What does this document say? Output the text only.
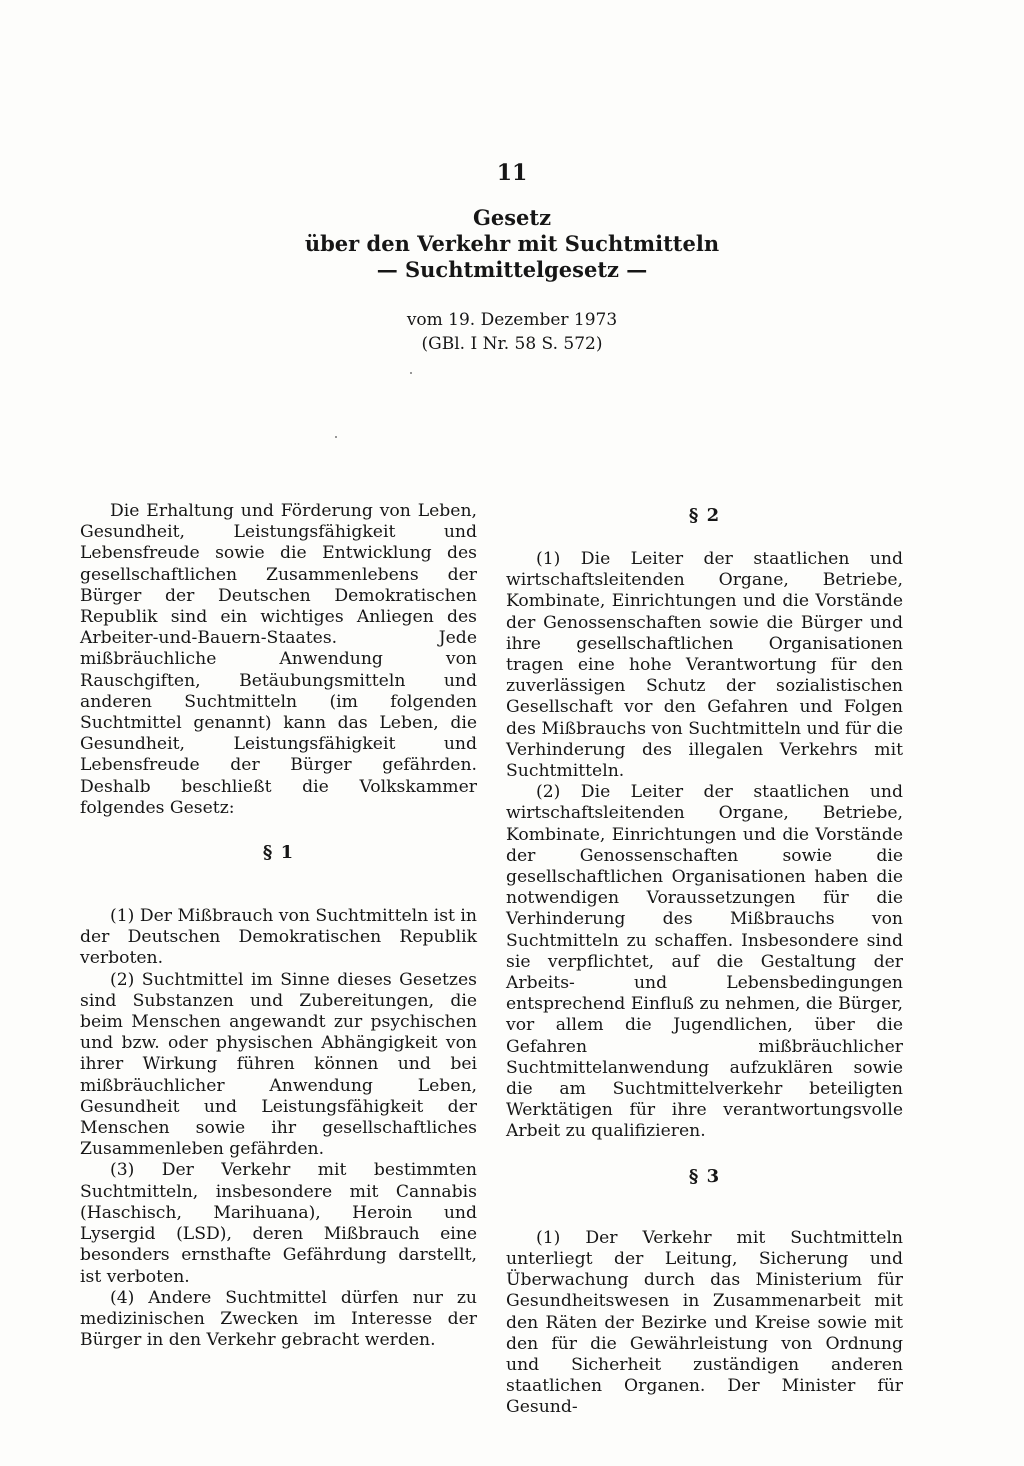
11
Gesetz
über den Verkehr mit Suchtmitteln
— Suchtmittelgesetz —
vom 19. Dezember 1973
(GBl. I Nr. 58 S. 572)

Die Erhaltung und Förderung von Leben, Gesundheit, Leistungsfähigkeit und Lebensfreude sowie die Entwicklung des gesellschaftlichen Zusammenlebens der Bürger der Deutschen Demokratischen Republik sind ein wichtiges Anliegen des Arbeiter-und-Bauern-Staates. Jede mißbräuchliche Anwendung von Rauschgiften, Betäubungsmitteln und anderen Suchtmitteln (im folgenden Suchtmittel genannt) kann das Leben, die Gesundheit, Leistungsfähigkeit und Lebensfreude der Bürger gefährden. Deshalb beschließt die Volkskammer folgendes Gesetz:

§ 1

(1) Der Mißbrauch von Suchtmitteln ist in der Deutschen Demokratischen Republik verboten.

(2) Suchtmittel im Sinne dieses Gesetzes sind Substanzen und Zubereitungen, die beim Menschen angewandt zur psychischen und bzw. oder physischen Abhängigkeit von ihrer Wirkung führen können und bei mißbräuchlicher Anwendung Leben, Gesundheit und Leistungsfähigkeit der Menschen sowie ihr gesellschaftliches Zusammenleben gefährden.

(3) Der Verkehr mit bestimmten Suchtmitteln, insbesondere mit Cannabis (Haschisch, Marihuana), Heroin und Lysergid (LSD), deren Mißbrauch eine besonders ernsthafte Gefährdung darstellt, ist verboten.

(4) Andere Suchtmittel dürfen nur zu medizinischen Zwecken im Interesse der Bürger in den Verkehr gebracht werden.

§ 2

(1) Die Leiter der staatlichen und wirtschaftsleitenden Organe, Betriebe, Kombinate, Einrichtungen und die Vorstände der Genossenschaften sowie die Bürger und ihre gesellschaftlichen Organisationen tragen eine hohe Verantwortung für den zuverlässigen Schutz der sozialistischen Gesellschaft vor den Gefahren und Folgen des Mißbrauchs von Suchtmitteln und für die Verhinderung des illegalen Verkehrs mit Suchtmitteln.

(2) Die Leiter der staatlichen und wirtschaftsleitenden Organe, Betriebe, Kombinate, Einrichtungen und die Vorstände der Genossenschaften sowie die gesellschaftlichen Organisationen haben die notwendigen Voraussetzungen für die Verhinderung des Mißbrauchs von Suchtmitteln zu schaffen. Insbesondere sind sie verpflichtet, auf die Gestaltung der Arbeits- und Lebensbedingungen entsprechend Einfluß zu nehmen, die Bürger, vor allem die Jugendlichen, über die Gefahren mißbräuchlicher Suchtmittelanwendung aufzuklären sowie die am Suchtmittelverkehr beteiligten Werktätigen für ihre verantwortungsvolle Arbeit zu qualifizieren.

§ 3

(1) Der Verkehr mit Suchtmitteln unterliegt der Leitung, Sicherung und Überwachung durch das Ministerium für Gesundheitswesen in Zusammenarbeit mit den Räten der Bezirke und Kreise sowie mit den für die Gewährleistung von Ordnung und Sicherheit zuständigen anderen staatlichen Organen. Der Minister für Gesund-
